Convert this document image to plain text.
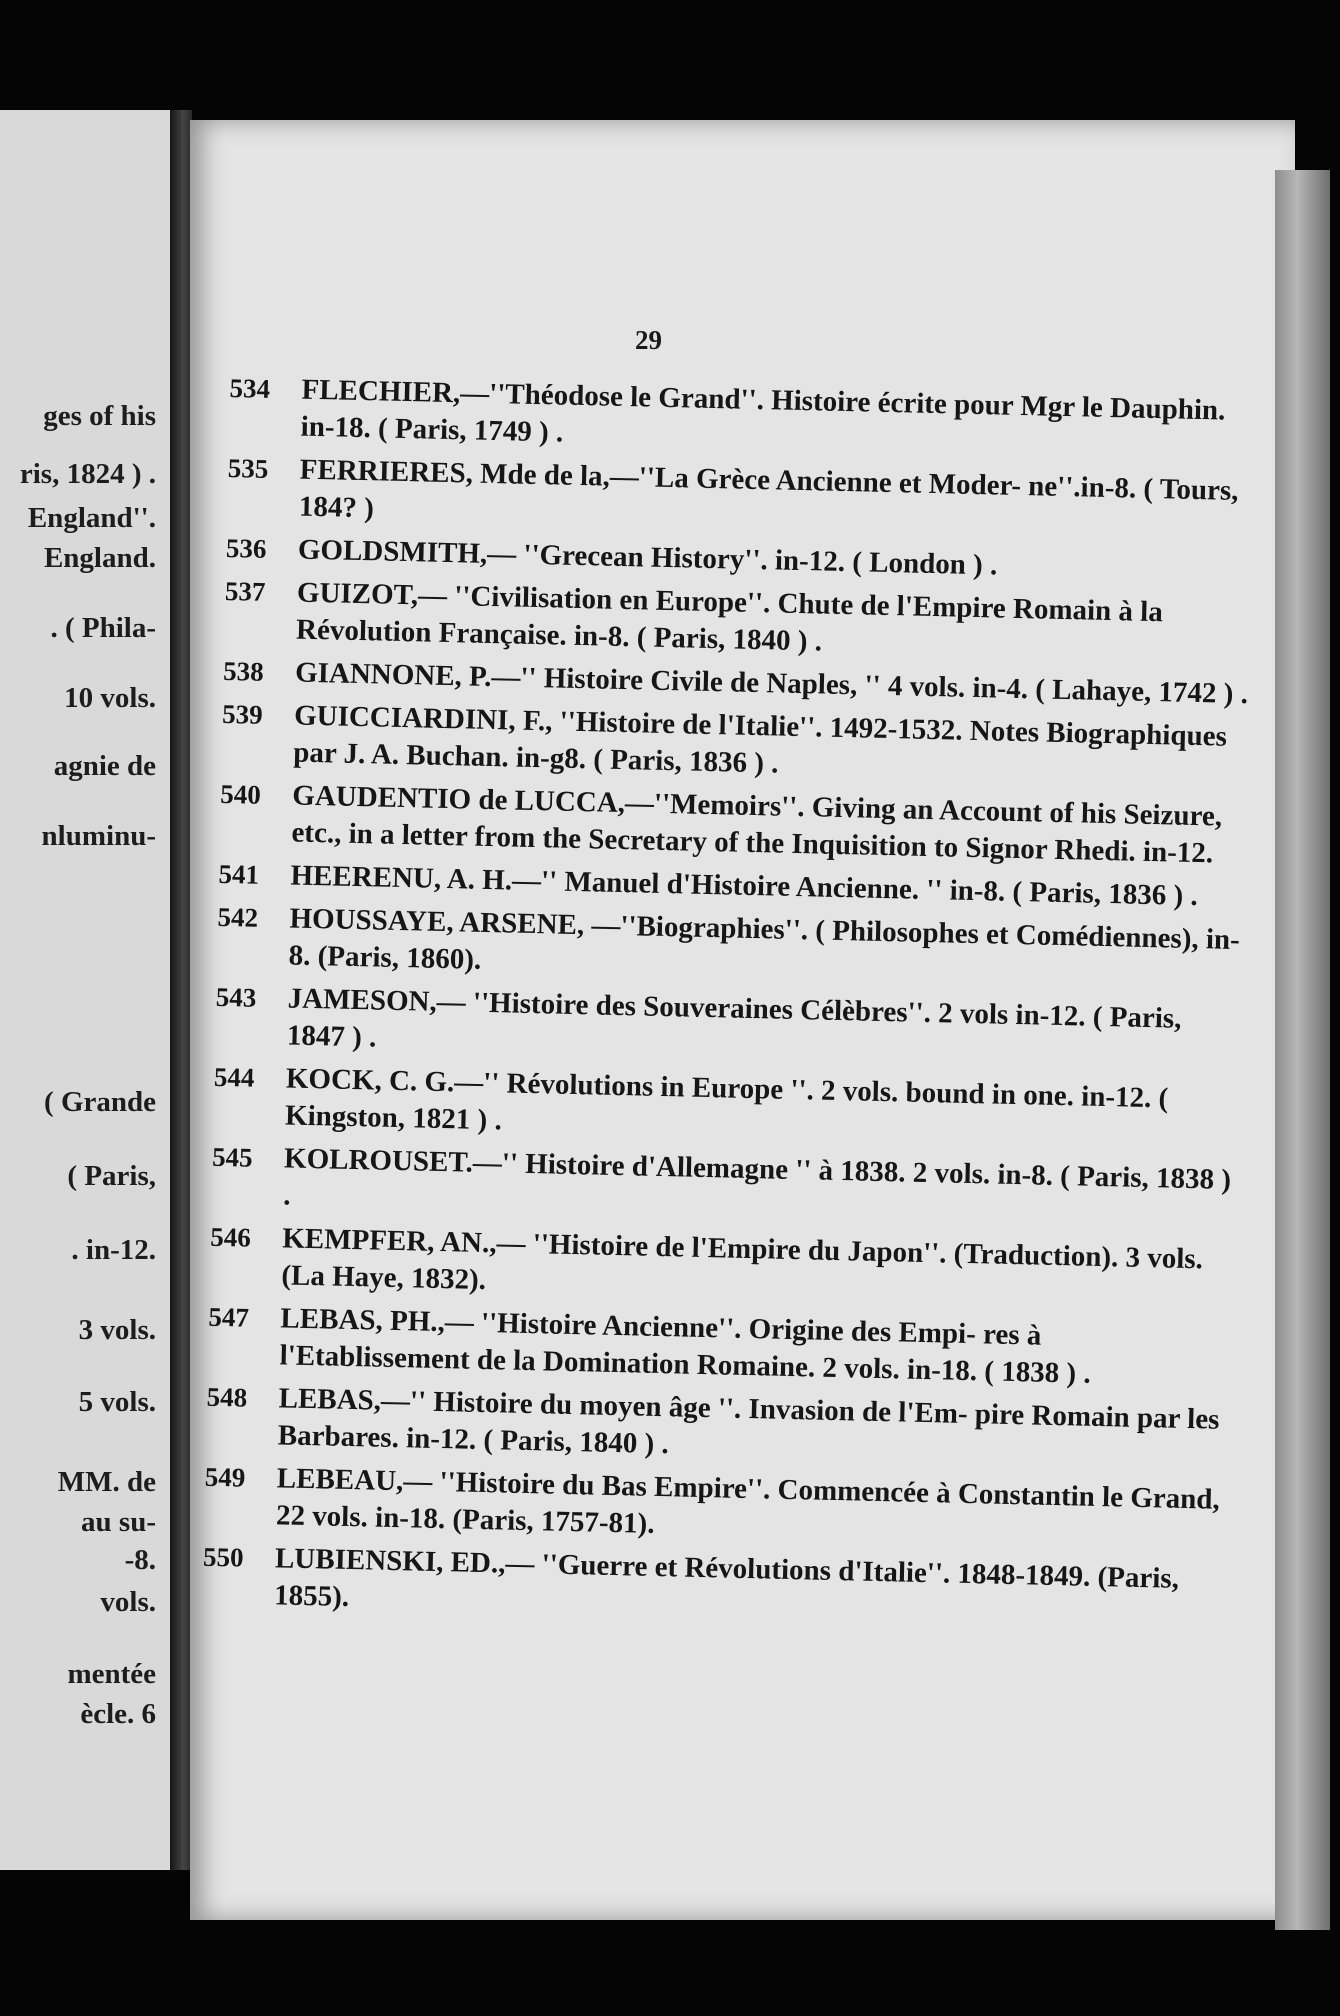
ges of his
ris, 1824 ) .
England''.
England.
. ( Phila-
10 vols.
agnie de
nluminu-
( Grande
( Paris,
. in-12.
3 vols.
5 vols.
MM. de
au su-
-8.
vols.
mentée
ècle. 6
29
534 FLECHIER,—''Théodose le Grand''. Histoire écrite pour Mgr le Dauphin. in-18. ( Paris, 1749 ) .
535 FERRIERES, Mde de la,—''La Grèce Ancienne et Moder- ne''.in-8. ( Tours, 184? )
536 GOLDSMITH,— ''Grecean History''. in-12. ( London ) .
537 GUIZOT,— ''Civilisation en Europe''. Chute de l'Empire Romain à la Révolution Française. in-8. ( Paris, 1840 ) .
538 GIANNONE, P.—'' Histoire Civile de Naples, '' 4 vols. in-4. ( Lahaye, 1742 ) .
539 GUICCIARDINI, F., ''Histoire de l'Italie''. 1492-1532. Notes Biographiques par J. A. Buchan. in-g8. ( Paris, 1836 ) .
540 GAUDENTIO de LUCCA,—''Memoirs''. Giving an Account of his Seizure, etc., in a letter from the Secretary of the Inquisition to Signor Rhedi. in-12.
541 HEERENU, A. H.—'' Manuel d'Histoire Ancienne. '' in-8. ( Paris, 1836 ) .
542 HOUSSAYE, ARSENE, —''Biographies''. ( Philosophes et Comédiennes), in-8. (Paris, 1860).
543 JAMESON,— ''Histoire des Souveraines Célèbres''. 2 vols in-12. ( Paris, 1847 ) .
544 KOCK, C. G.—'' Révolutions in Europe ''. 2 vols. bound in one. in-12. ( Kingston, 1821 ) .
545 KOLROUSET.—'' Histoire d'Allemagne '' à 1838. 2 vols. in-8. ( Paris, 1838 ) .
546 KEMPFER, AN.,— ''Histoire de l'Empire du Japon''. (Traduction). 3 vols. (La Haye, 1832).
547 LEBAS, PH.,— ''Histoire Ancienne''. Origine des Empi- res à l'Etablissement de la Domination Romaine. 2 vols. in-18. ( 1838 ) .
548 LEBAS,—'' Histoire du moyen âge ''. Invasion de l'Em- pire Romain par les Barbares. in-12. ( Paris, 1840 ) .
549 LEBEAU,— ''Histoire du Bas Empire''. Commencée à Constantin le Grand, 22 vols. in-18. (Paris, 1757-81).
550 LUBIENSKI, ED.,— ''Guerre et Révolutions d'Italie''. 1848-1849. (Paris, 1855).
